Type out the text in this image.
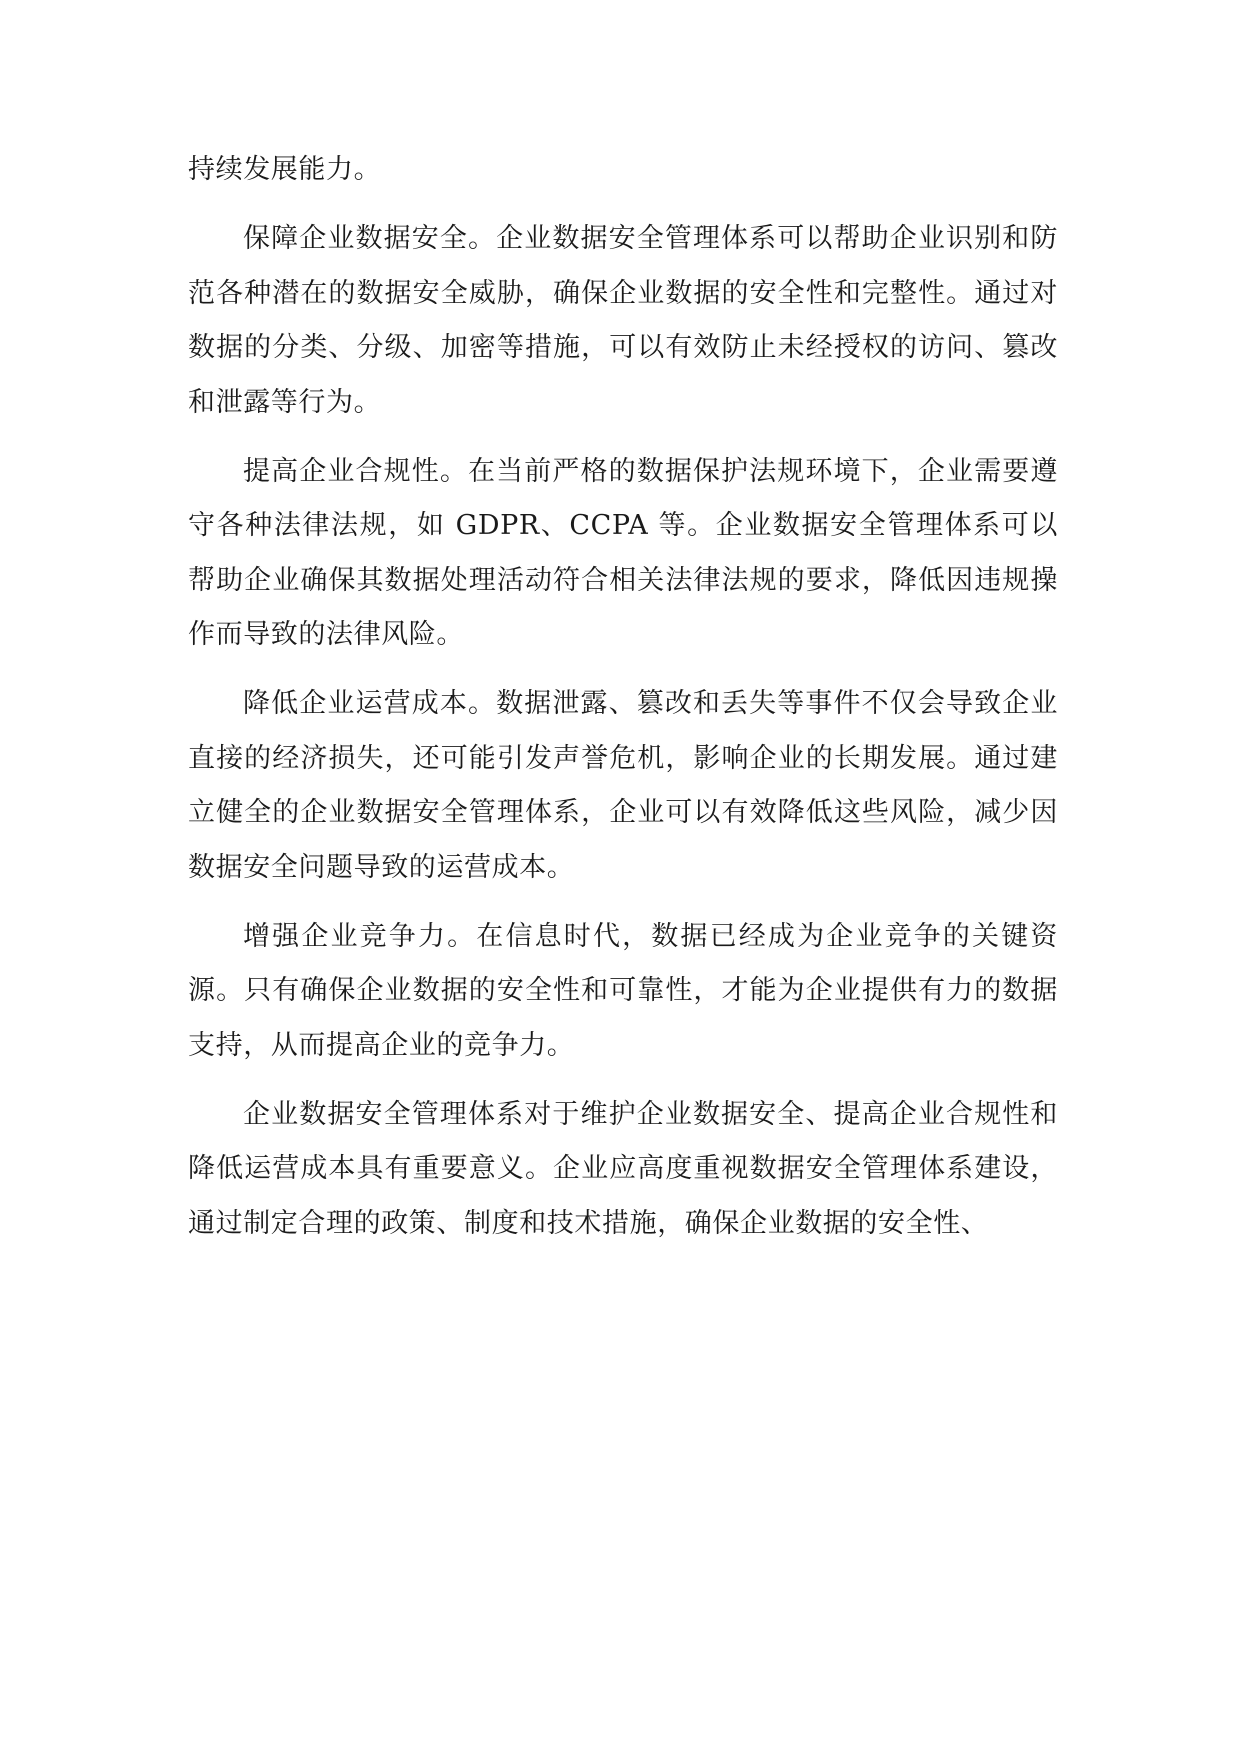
持续发展能力。

保障企业数据安全。企业数据安全管理体系可以帮助企业识别和防范各种潜在的数据安全威胁，确保企业数据的安全性和完整性。通过对数据的分类、分级、加密等措施，可以有效防止未经授权的访问、篡改和泄露等行为。

提高企业合规性。在当前严格的数据保护法规环境下，企业需要遵守各种法律法规，如 GDPR、CCPA 等。企业数据安全管理体系可以帮助企业确保其数据处理活动符合相关法律法规的要求，降低因违规操作而导致的法律风险。

降低企业运营成本。数据泄露、篡改和丢失等事件不仅会导致企业直接的经济损失，还可能引发声誉危机，影响企业的长期发展。通过建立健全的企业数据安全管理体系，企业可以有效降低这些风险，减少因数据安全问题导致的运营成本。

增强企业竞争力。在信息时代，数据已经成为企业竞争的关键资源。只有确保企业数据的安全性和可靠性，才能为企业提供有力的数据支持，从而提高企业的竞争力。

企业数据安全管理体系对于维护企业数据安全、提高企业合规性和降低运营成本具有重要意义。企业应高度重视数据安全管理体系建设，通过制定合理的政策、制度和技术措施，确保企业数据的安全性、
